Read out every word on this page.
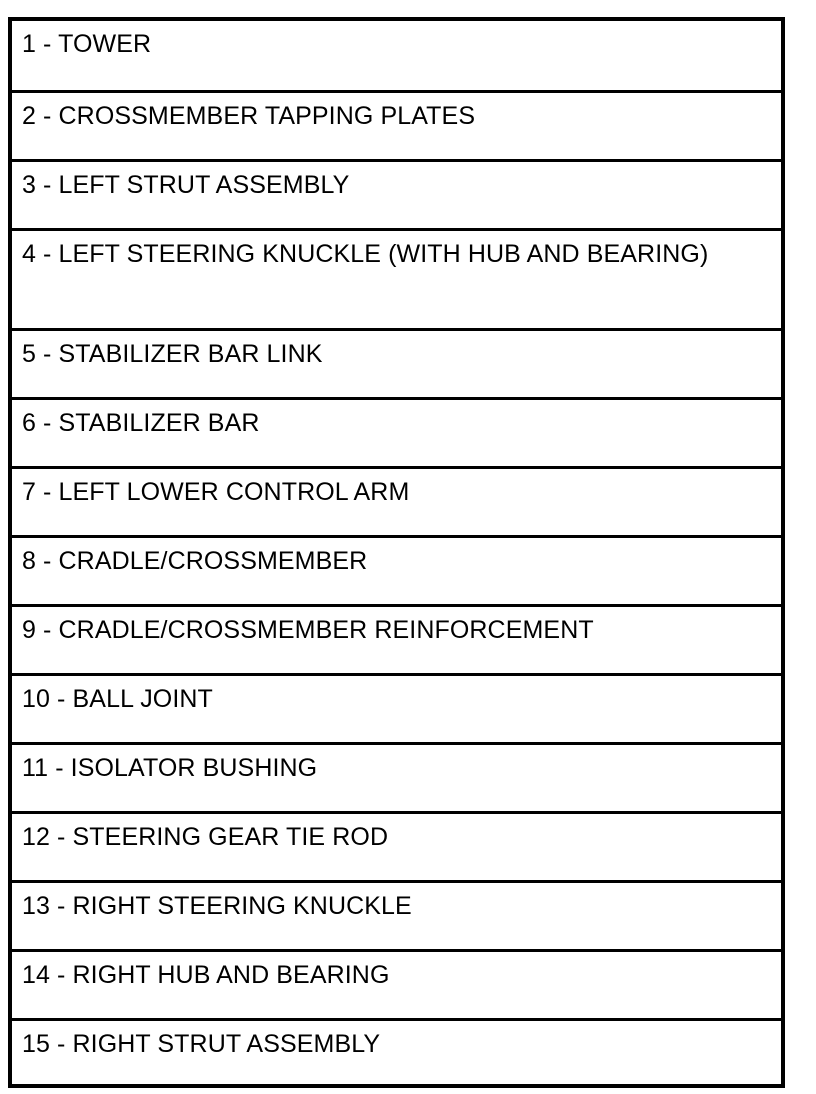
1 - TOWER
2 - CROSSMEMBER TAPPING PLATES
3 - LEFT STRUT ASSEMBLY
4 - LEFT STEERING KNUCKLE (WITH HUB AND BEARING)
5 - STABILIZER BAR LINK
6 - STABILIZER BAR
7 - LEFT LOWER CONTROL ARM
8 - CRADLE/CROSSMEMBER
9 - CRADLE/CROSSMEMBER REINFORCEMENT
10 - BALL JOINT
11 - ISOLATOR BUSHING
12 - STEERING GEAR TIE ROD
13 - RIGHT STEERING KNUCKLE
14 - RIGHT HUB AND BEARING
15 - RIGHT STRUT ASSEMBLY
